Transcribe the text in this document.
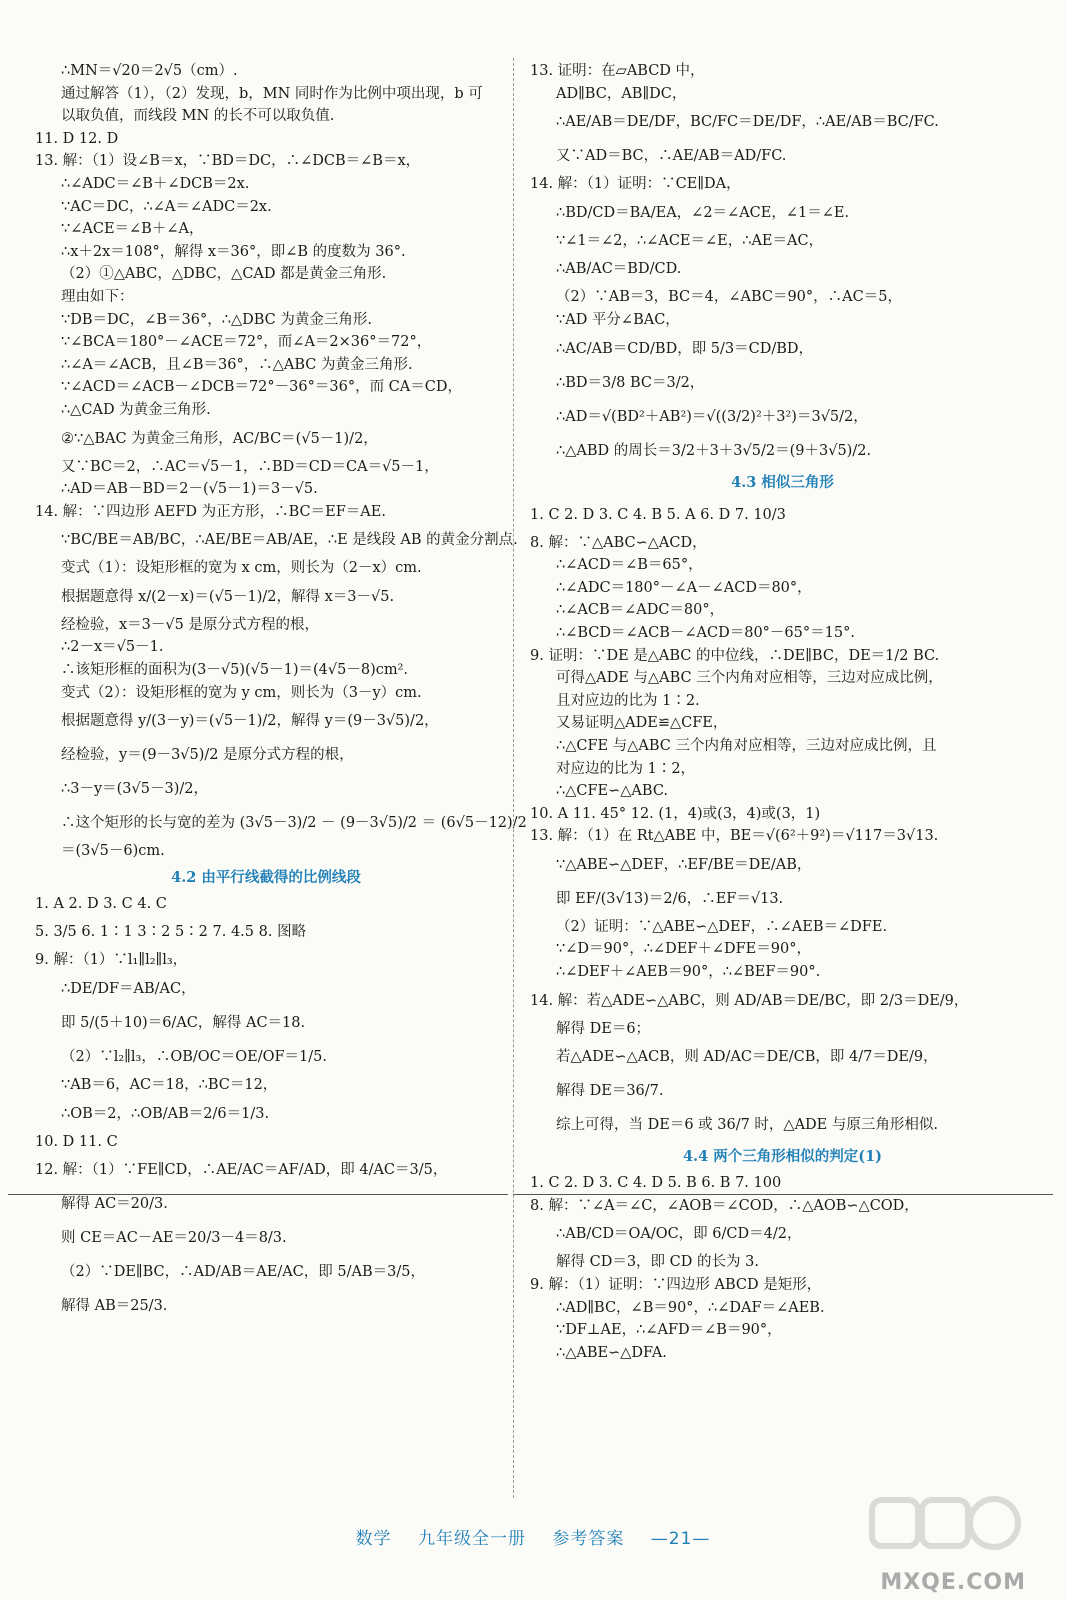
∴MN＝√20＝2√5（cm）.
通过解答（1），（2）发现，b，MN 同时作为比例中项出现，b 可
以取负值，而线段 MN 的长不可以取负值.
11. D 12. D
13. 解：（1）设∠B＝x，∵BD＝DC，∴∠DCB＝∠B＝x，
∴∠ADC＝∠B＋∠DCB＝2x.
∵AC＝DC，∴∠A＝∠ADC＝2x.
∵∠ACE＝∠B＋∠A，
∴x＋2x＝108°，解得 x＝36°，即∠B 的度数为 36°.
（2）①△ABC，△DBC，△CAD 都是黄金三角形.
理由如下：
∵DB＝DC，∠B＝36°，∴△DBC 为黄金三角形.
∵∠BCA＝180°－∠ACE＝72°，而∠A＝2×36°＝72°，
∴∠A＝∠ACB，且∠B＝36°，∴△ABC 为黄金三角形.
∵∠ACD＝∠ACB－∠DCB＝72°－36°＝36°，而 CA＝CD，
∴△CAD 为黄金三角形.
②∵△BAC 为黄金三角形，AC/BC＝(√5－1)/2，
又∵BC＝2，∴AC＝√5－1，∴BD＝CD＝CA＝√5－1，
∴AD＝AB－BD＝2－(√5－1)＝3－√5.
14. 解：∵四边形 AEFD 为正方形，∴BC＝EF＝AE.
∵BC/BE＝AB/BC，∴AE/BE＝AB/AE，∴E 是线段 AB 的黄金分割点.
变式（1）：设矩形框的宽为 x cm，则长为（2－x）cm.
根据题意得 x/(2－x)＝(√5－1)/2，解得 x＝3－√5.
经检验，x＝3－√5 是原分式方程的根，
∴2－x＝√5－1.
∴该矩形框的面积为(3－√5)(√5－1)＝(4√5－8)cm².
变式（2）：设矩形框的宽为 y cm，则长为（3－y）cm.
根据题意得 y/(3－y)＝(√5－1)/2，解得 y＝(9－3√5)/2，
经检验，y＝(9－3√5)/2 是原分式方程的根，
∴3－y＝(3√5－3)/2，
∴这个矩形的长与宽的差为 (3√5－3)/2 － (9－3√5)/2 ＝ (6√5－12)/2
＝(3√5－6)cm.
4.2 由平行线截得的比例线段
1. A 2. D 3. C 4. C
5. 3/5 6. 1∶1 3∶2 5∶2 7. 4.5 8. 图略
9. 解：（1）∵l₁∥l₂∥l₃，
∴DE/DF＝AB/AC，
即 5/(5＋10)＝6/AC，解得 AC＝18.
（2）∵l₂∥l₃，∴OB/OC＝OE/OF＝1/5.
∵AB＝6，AC＝18，∴BC＝12，
∴OB＝2，∴OB/AB＝2/6＝1/3.
10. D 11. C
12. 解：（1）∵FE∥CD，∴AE/AC＝AF/AD，即 4/AC＝3/5，
解得 AC＝20/3.
则 CE＝AC－AE＝20/3－4＝8/3.
（2）∵DE∥BC，∴AD/AB＝AE/AC，即 5/AB＝3/5，
解得 AB＝25/3.
13. 证明：在▱ABCD 中，
AD∥BC，AB∥DC，
∴AE/AB＝DE/DF，BC/FC＝DE/DF，∴AE/AB＝BC/FC.
又∵AD＝BC，∴AE/AB＝AD/FC.
14. 解：（1）证明：∵CE∥DA，
∴BD/CD＝BA/EA，∠2＝∠ACE，∠1＝∠E.
∵∠1＝∠2，∴∠ACE＝∠E，∴AE＝AC，
∴AB/AC＝BD/CD.
（2）∵AB＝3，BC＝4，∠ABC＝90°，∴AC＝5，
∵AD 平分∠BAC，
∴AC/AB＝CD/BD，即 5/3＝CD/BD，
∴BD＝3/8 BC＝3/2，
∴AD＝√(BD²＋AB²)＝√((3/2)²＋3²)＝3√5/2，
∴△ABD 的周长＝3/2＋3＋3√5/2＝(9＋3√5)/2.
4.3 相似三角形
1. C 2. D 3. C 4. B 5. A 6. D 7. 10/3
8. 解：∵△ABC∽△ACD，
∴∠ACD＝∠B＝65°，
∴∠ADC＝180°－∠A－∠ACD＝80°，
∴∠ACB＝∠ADC＝80°，
∴∠BCD＝∠ACB－∠ACD＝80°－65°＝15°.
9. 证明：∵DE 是△ABC 的中位线，∴DE∥BC，DE＝1/2 BC.
可得△ADE 与△ABC 三个内角对应相等，三边对应成比例，
且对应边的比为 1∶2.
又易证明△ADE≌△CFE，
∴△CFE 与△ABC 三个内角对应相等，三边对应成比例，且
对应边的比为 1∶2，
∴△CFE∽△ABC.
10. A 11. 45° 12. (1，4)或(3，4)或(3，1)
13. 解：（1）在 Rt△ABE 中，BE＝√(6²＋9²)＝√117＝3√13.
∵△ABE∽△DEF，∴EF/BE＝DE/AB，
即 EF/(3√13)＝2/6，∴EF＝√13.
（2）证明：∵△ABE∽△DEF，∴∠AEB＝∠DFE.
∵∠D＝90°，∴∠DEF＋∠DFE＝90°，
∴∠DEF＋∠AEB＝90°，∴∠BEF＝90°.
14. 解：若△ADE∽△ABC，则 AD/AB＝DE/BC，即 2/3＝DE/9，
解得 DE＝6；
若△ADE∽△ACB，则 AD/AC＝DE/CB，即 4/7＝DE/9，
解得 DE＝36/7.
综上可得，当 DE＝6 或 36/7 时，△ADE 与原三角形相似.
4.4 两个三角形相似的判定(1)
1. C 2. D 3. C 4. D 5. B 6. B 7. 100
8. 解：∵∠A＝∠C，∠AOB＝∠COD，∴△AOB∽△COD，
∴AB/CD＝OA/OC，即 6/CD＝4/2，
解得 CD＝3，即 CD 的长为 3.
9. 解：（1）证明：∵四边形 ABCD 是矩形，
∴AD∥BC，∠B＝90°，∴∠DAF＝∠AEB.
∵DF⊥AE，∴∠AFD＝∠B＝90°，
∴△ABE∽△DFA.
数学 九年级全一册 参考答案 —21—
MXQE.COM
